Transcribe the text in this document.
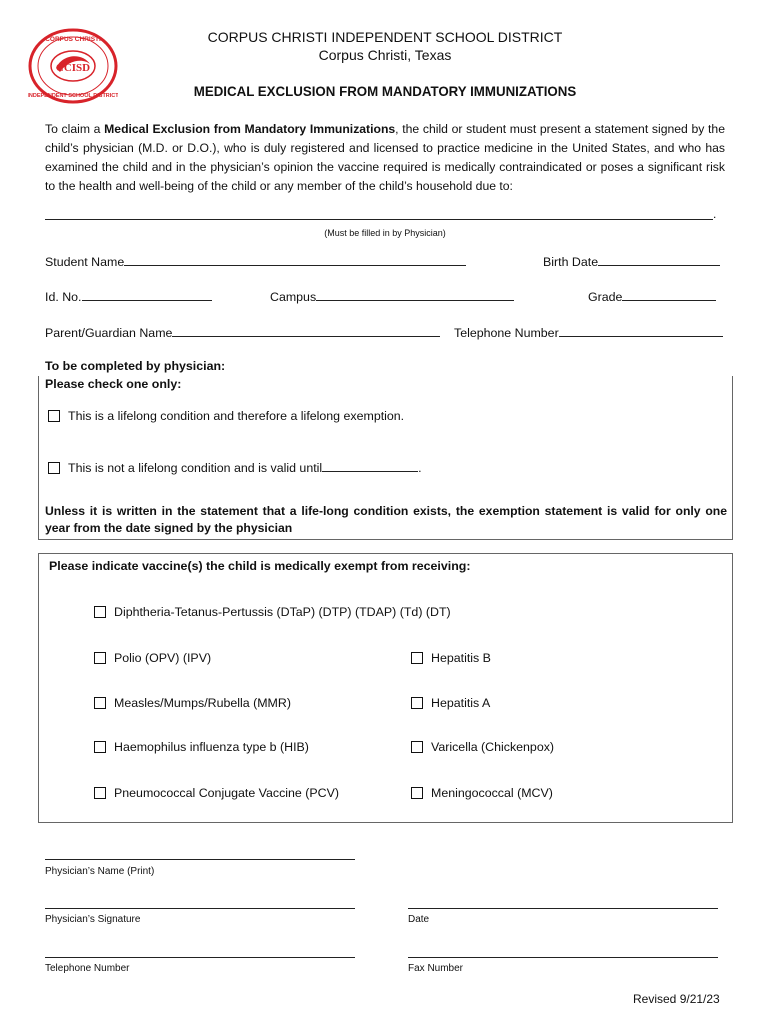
CCISD
CORPUS CHRISTI
INDEPENDENT SCHOOL DISTRICT
CORPUS CHRISTI INDEPENDENT SCHOOL DISTRICT
Corpus Christi, Texas
MEDICAL EXCLUSION FROM MANDATORY IMMUNIZATIONS
To claim a Medical Exclusion from Mandatory Immunizations, the child or student must present a statement signed by the child’s physician (M.D. or D.O.), who is duly registered and licensed to practice medicine in the United States, and who has examined the child and in the physician’s opinion the vaccine required is medically contraindicated or poses a significant risk to the health and well-being of the child or any member of the child’s household due to:
.
(Must be filled in by Physician)
Student Name	Birth Date
Id. No.	Campus	Grade
Parent/Guardian Name	Telephone Number
To be completed by physician:
Please check one only:
This is a lifelong condition and therefore a lifelong exemption.
This is not a lifelong condition and is valid until	.
Unless it is written in the statement that a life-long condition exists, the exemption statement is valid for only one year from the date signed by the physician
Please indicate vaccine(s) the child is medically exempt from receiving:
Diphtheria-Tetanus-Pertussis (DTaP) (DTP) (TDAP) (Td) (DT)
Polio (OPV) (IPV)	Hepatitis B
Measles/Mumps/Rubella (MMR)	Hepatitis A
Haemophilus influenza type b (HIB)	Varicella (Chickenpox)
Pneumococcal Conjugate Vaccine (PCV)	Meningococcal (MCV)
Physician’s Name (Print)
Physician’s Signature	Date
Telephone Number	Fax Number
Revised 9/21/23
